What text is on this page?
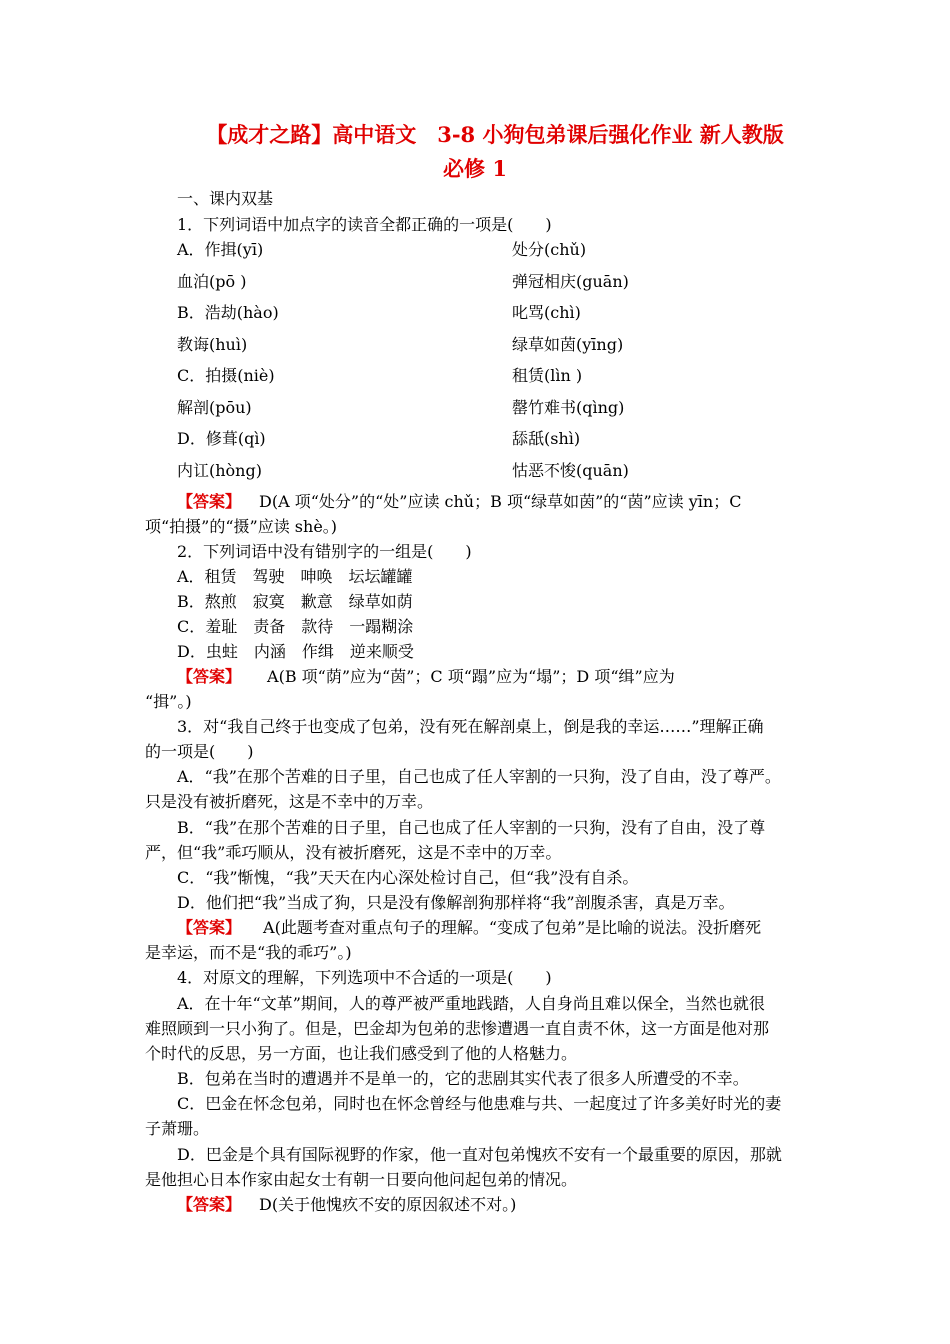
【成才之路】高中语文　3-8 小狗包弟课后强化作业 新人教版
必修 1
一、课内双基
1．下列词语中加点字的读音全都正确的一项是(　　)
A．作揖(yī)	处分(chǔ)
血泊(pō )	弹冠相庆(guān)
B．浩劫(hào)	叱骂(chì)
教诲(huì)	绿草如茵(yīng)
C．拍摄(niè)	租赁(lìn )
解剖(pōu)	罄竹难书(qìng)
D．修葺(qì)	舔舐(shì)
内讧(hòng)	怙恶不悛(quān)
【答案】 D(A 项“处分”的“处”应读 chǔ；B 项“绿草如茵”的“茵”应读 yīn；C
项“拍摄”的“摄”应读 shè。)
2．下列词语中没有错别字的一组是(　　)
A．租赁　驾驶　呻唤　坛坛罐罐
B．熬煎　寂寞　歉意　绿草如荫
C．羞耻　责备　款待　一蹋糊涂
D．虫蛀　内涵　作缉　逆来顺受
【答案】 A(B 项“荫”应为“茵”；C 项“蹋”应为“塌”；D 项“缉”应为
“揖”。)
3．对“我自己终于也变成了包弟，没有死在解剖桌上，倒是我的幸运……”理解正确
的一项是(　　)
A．“我”在那个苦难的日子里，自己也成了任人宰割的一只狗，没了自由，没了尊严。
只是没有被折磨死，这是不幸中的万幸。
B．“我”在那个苦难的日子里，自己也成了任人宰割的一只狗，没有了自由，没了尊
严，但“我”乖巧顺从，没有被折磨死，这是不幸中的万幸。
C．“我”惭愧，“我”天天在内心深处检讨自己，但“我”没有自杀。
D．他们把“我”当成了狗，只是没有像解剖狗那样将“我”剖腹杀害，真是万幸。
【答案】 A(此题考查对重点句子的理解。“变成了包弟”是比喻的说法。没折磨死
是幸运，而不是“我的乖巧”。)
4．对原文的理解，下列选项中不合适的一项是(　　)
A．在十年“文革”期间，人的尊严被严重地践踏，人自身尚且难以保全，当然也就很
难照顾到一只小狗了。但是，巴金却为包弟的悲惨遭遇一直自责不休，这一方面是他对那
个时代的反思，另一方面，也让我们感受到了他的人格魅力。
B．包弟在当时的遭遇并不是单一的，它的悲剧其实代表了很多人所遭受的不幸。
C．巴金在怀念包弟，同时也在怀念曾经与他患难与共、一起度过了许多美好时光的妻
子萧珊。
D．巴金是个具有国际视野的作家，他一直对包弟愧疚不安有一个最重要的原因，那就
是他担心日本作家由起女士有朝一日要向他问起包弟的情况。
【答案】 D(关于他愧疚不安的原因叙述不对。)
